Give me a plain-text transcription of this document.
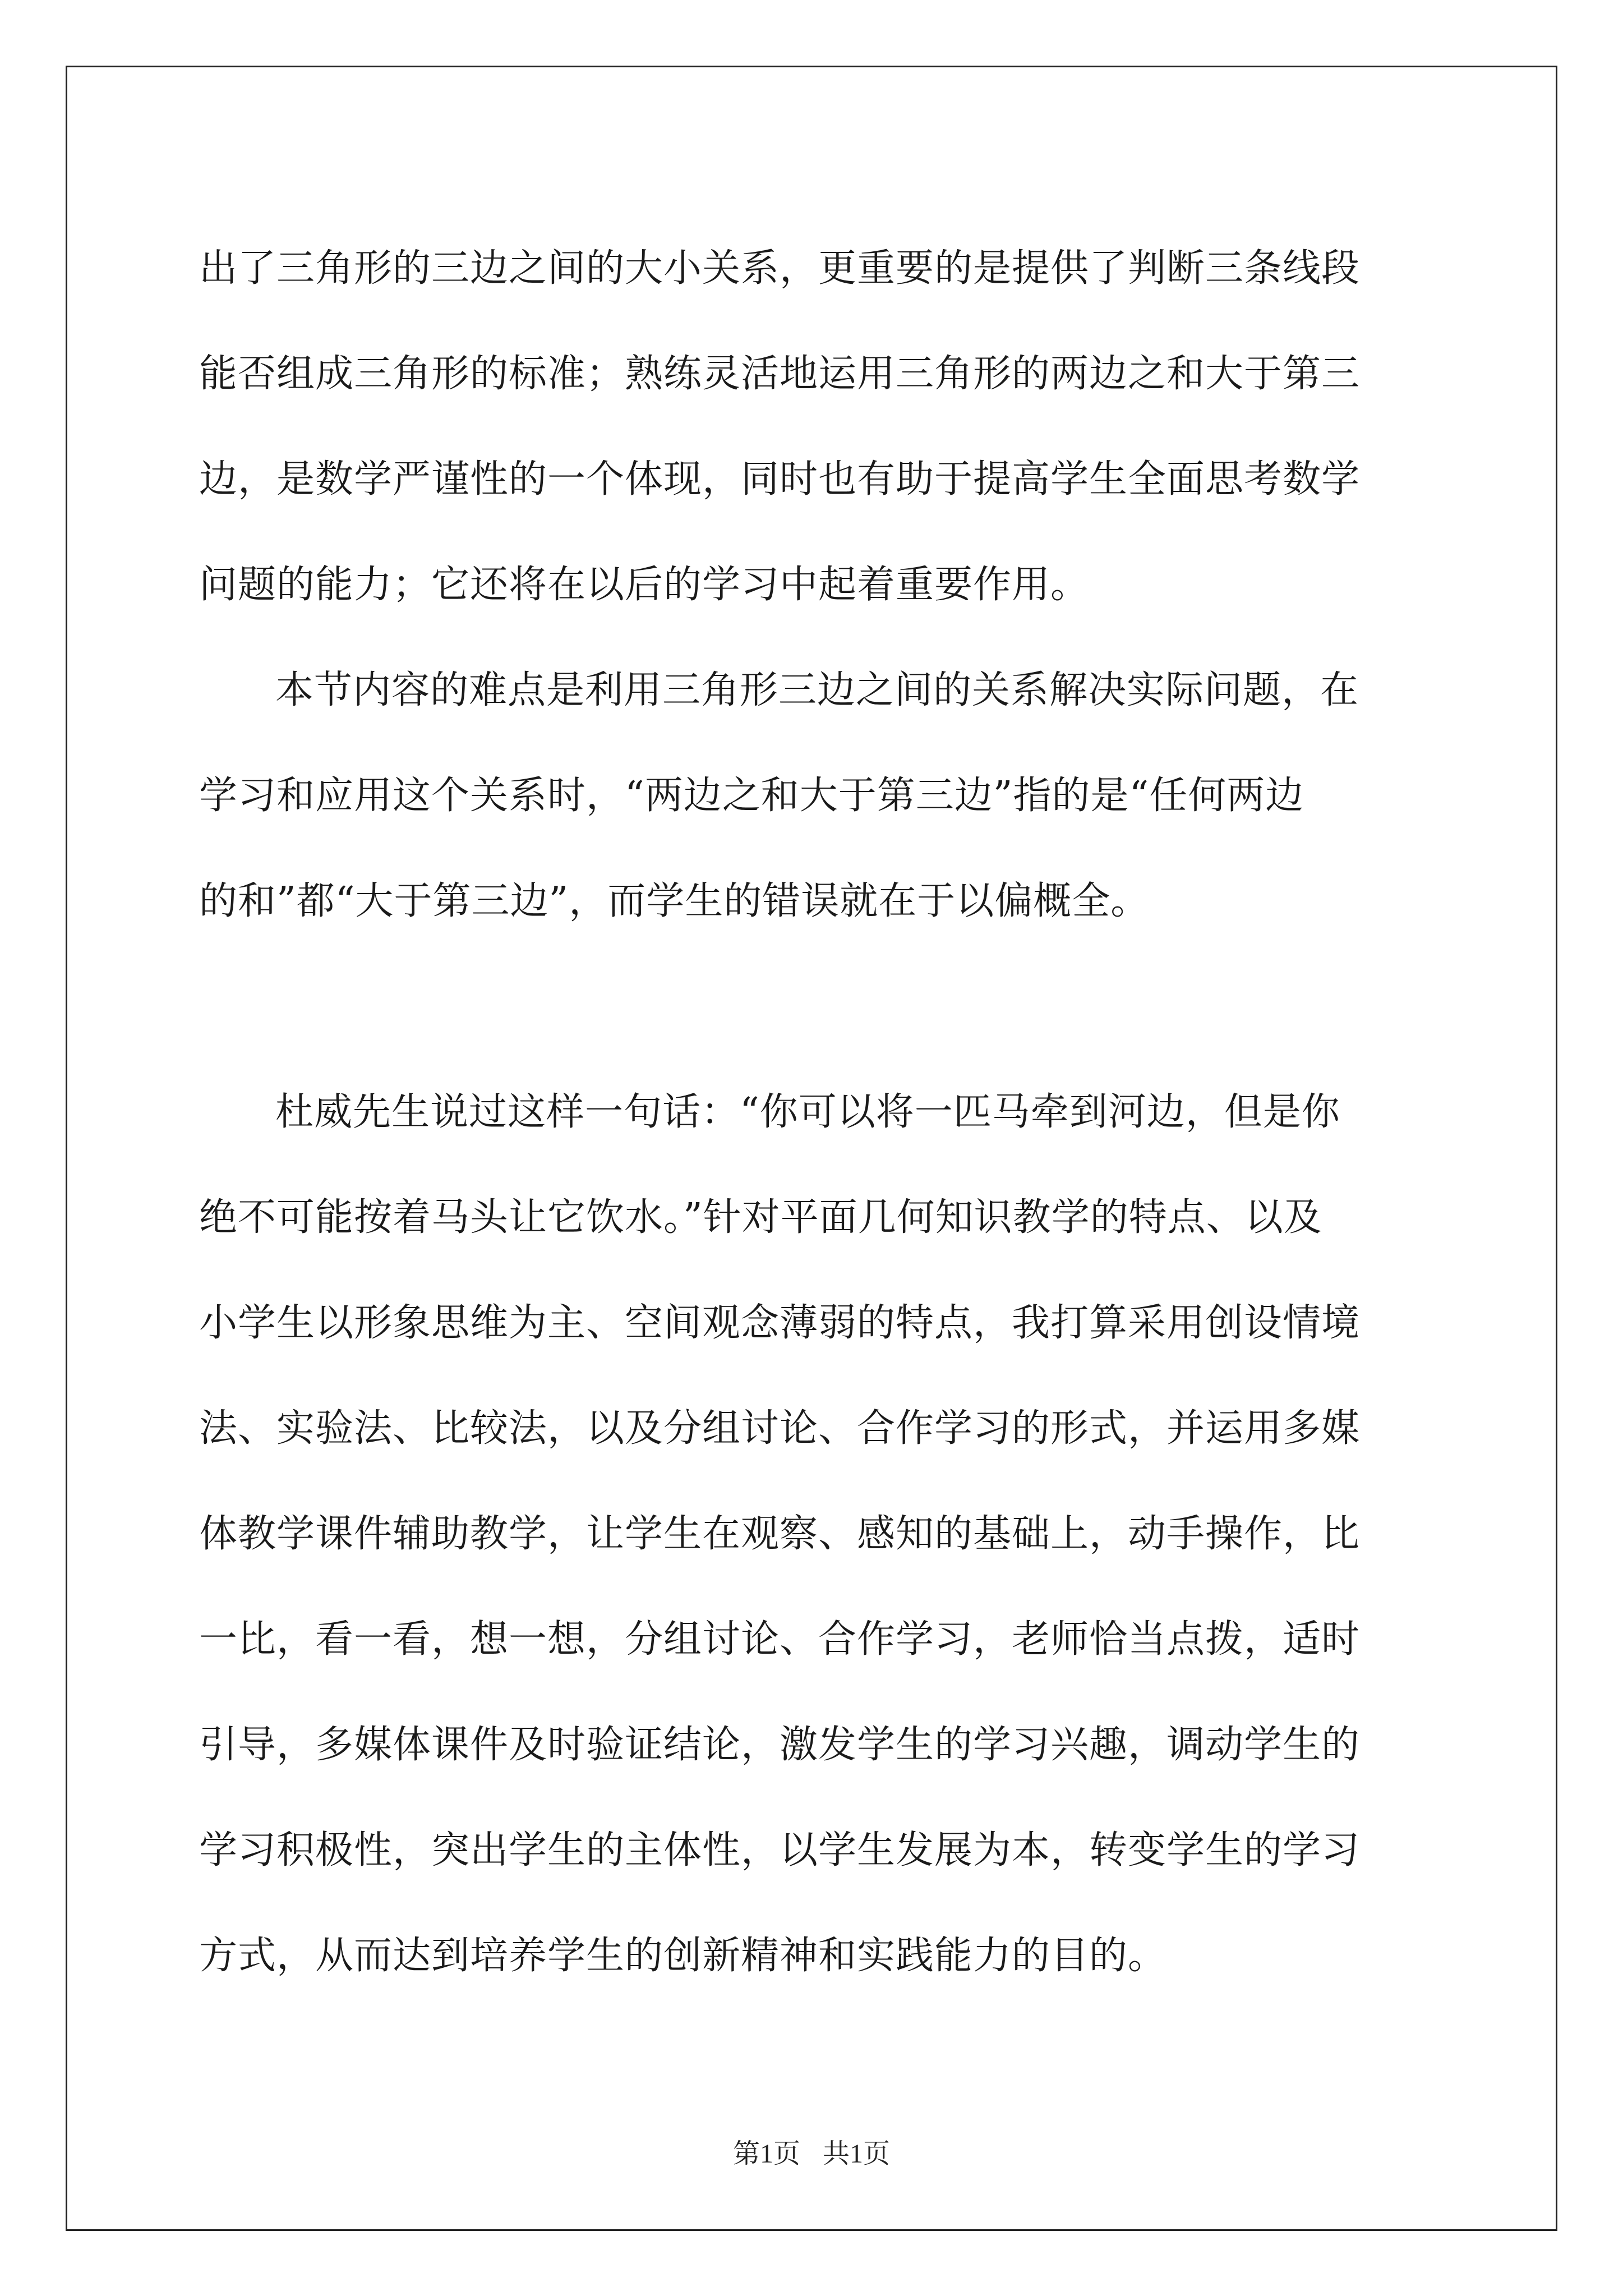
出了三角形的三边之间的大小关系，更重要的是提供了判断三条线段
能否组成三角形的标准；熟练灵活地运用三角形的两边之和大于第三
边，是数学严谨性的一个体现，同时也有助于提高学生全面思考数学
问题的能力；它还将在以后的学习中起着重要作用。

本节内容的难点是利用三角形三边之间的关系解决实际问题，在
学习和应用这个关系时，“两边之和大于第三边”指的是“任何两边
的和”都“大于第三边”，而学生的错误就在于以偏概全。

杜威先生说过这样一句话：“你可以将一匹马牵到河边，但是你
绝不可能按着马头让它饮水。”针对平面几何知识教学的特点、以及
小学生以形象思维为主、空间观念薄弱的特点，我打算采用创设情境
法、实验法、比较法，以及分组讨论、合作学习的形式，并运用多媒
体教学课件辅助教学，让学生在观察、感知的基础上，动手操作，比
一比，看一看，想一想，分组讨论、合作学习，老师恰当点拨，适时
引导，多媒体课件及时验证结论，激发学生的学习兴趣，调动学生的
学习积极性，突出学生的主体性，以学生发展为本，转变学生的学习
方式，从而达到培养学生的创新精神和实践能力的目的。

第1页 共1页
